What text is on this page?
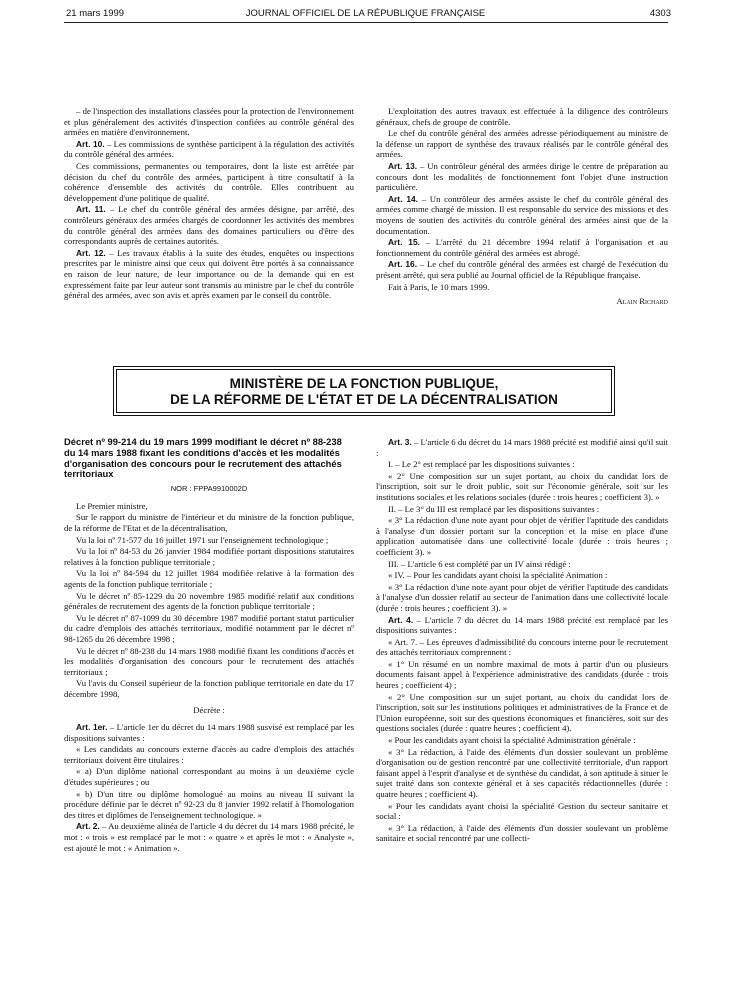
21 mars 1999	JOURNAL OFFICIEL DE LA RÉPUBLIQUE FRANÇAISE	4303

– de l'inspection des installations classées pour la protection de l'environnement et plus généralement des activités d'inspection confiées au contrôle général des armées en matière d'environnement.

Art. 10. – Les commissions de synthèse participent à la régulation des activités du contrôle général des armées.

Ces commissions, permanentes ou temporaires, dont la liste est arrêtée par décision du chef du contrôle des armées, participent à titre consultatif à la cohérence d'ensemble des activités du contrôle. Elles contribuent au développement d'une politique de qualité.

Art. 11. – Le chef du contrôle général des armées désigne, par arrêté, des contrôleurs généraux des armées chargés de coordonner les activités des membres du contrôle général des armées dans des domaines particuliers ou d'être des correspondants auprès de certaines autorités.

Art. 12. – Les travaux établis à la suite des études, enquêtes ou inspections prescrites par le ministre ainsi que ceux qui doivent être portés à sa connaissance en raison de leur nature, de leur importance ou de la demande qui en est expressément faite par leur auteur sont transmis au ministre par le chef du contrôle général des armées, avec son avis et après examen par le conseil du contrôle.

L'exploitation des autres travaux est effectuée à la diligence des contrôleurs généraux, chefs de groupe de contrôle.

Le chef du contrôle général des armées adresse périodiquement au ministre de la défense un rapport de synthèse des travaux réalisés par le contrôle général des armées.

Art. 13. – Un contrôleur général des armées dirige le centre de préparation au concours dont les modalités de fonctionnement font l'objet d'une instruction particulière.

Art. 14. – Un contrôleur des armées assiste le chef du contrôle général des armées comme chargé de mission. Il est responsable du service des missions et des moyens de soutien des activités du contrôle général des armées ainsi que de la documentation.

Art. 15. – L'arrêté du 21 décembre 1994 relatif à l'organisation et au fonctionnement du contrôle général des armées est abrogé.

Art. 16. – Le chef du contrôle général des armées est chargé de l'exécution du présent arrêté, qui sera publié au Journal officiel de la République française.

Fait à Paris, le 10 mars 1999.

Alain Richard

MINISTÈRE DE LA FONCTION PUBLIQUE,
DE LA RÉFORME DE L'ÉTAT ET DE LA DÉCENTRALISATION

Décret nº 99-214 du 19 mars 1999 modifiant le décret nº 88-238 du 14 mars 1988 fixant les conditions d'accès et les modalités d'organisation des concours pour le recrutement des attachés territoriaux

NOR : FPPA9910002D

Le Premier ministre,

Sur le rapport du ministre de l'intérieur et du ministre de la fonction publique, de la réforme de l'Etat et de la décentralisation,

Vu la loi nº 71-577 du 16 juillet 1971 sur l'enseignement technologique ;

Vu la loi nº 84-53 du 26 janvier 1984 modifiée portant dispositions statutaires relatives à la fonction publique territoriale ;

Vu la loi nº 84-594 du 12 juillet 1984 modifiée relative à la formation des agents de la fonction publique territoriale ;

Vu le décret nº 85-1229 du 20 novembre 1985 modifié relatif aux conditions générales de recrutement des agents de la fonction publique territoriale ;

Vu le décret nº 87-1099 du 30 décembre 1987 modifié portant statut particulier du cadre d'emplois des attachés territoriaux, modifié notamment par le décret nº 98-1265 du 26 décembre 1998 ;

Vu le décret nº 88-238 du 14 mars 1988 modifié fixant les conditions d'accès et les modalités d'organisation des concours pour le recrutement des attachés territoriaux ;

Vu l'avis du Conseil supérieur de la fonction publique territoriale en date du 17 décembre 1998,

Décrète :

Art. 1er. – L'article 1er du décret du 14 mars 1988 susvisé est remplacé par les dispositions suivantes :

« Les candidats au concours externe d'accès au cadre d'emplois des attachés territoriaux doivent être titulaires :

« a) D'un diplôme national correspondant au moins à un deuxième cycle d'études supérieures ; ou

« b) D'un titre ou diplôme homologué au moins au niveau II suivant la procédure définie par le décret nº 92-23 du 8 janvier 1992 relatif à l'homologation des titres et diplômes de l'enseignement technologique. »

Art. 2. – Au deuxième alinéa de l'article 4 du décret du 14 mars 1988 précité, le mot : « trois » est remplacé par le mot : « quatre » et après le mot : « Analyste », est ajouté le mot : « Animation ».

Art. 3. – L'article 6 du décret du 14 mars 1988 précité est modifié ainsi qu'il suit :

I. – Le 2° est remplacé par les dispositions suivantes :

« 2° Une composition sur un sujet portant, au choix du candidat lors de l'inscription, soit sur le droit public, soit sur l'économie générale, soit sur les institutions sociales et les relations sociales (durée : trois heures ; coefficient 3). »

II. – Le 3° du III est remplacé par les dispositions suivantes :

« 3° La rédaction d'une note ayant pour objet de vérifier l'aptitude des candidats à l'analyse d'un dossier portant sur la conception et la mise en place d'une application automatisée dans une collectivité locale (durée : trois heures ; coefficient 3). »

III. – L'article 6 est complété par un IV ainsi rédigé :

« IV. – Pour les candidats ayant choisi la spécialité Animation :

« 3° La rédaction d'une note ayant pour objet de vérifier l'aptitude des candidats à l'analyse d'un dossier relatif au secteur de l'animation dans une collectivité locale (durée : trois heures ; coefficient 3). »

Art. 4. – L'article 7 du décret du 14 mars 1988 précité est remplacé par les dispositions suivantes :

« Art. 7. – Les épreuves d'admissibilité du concours interne pour le recrutement des attachés territoriaux comprennent :

« 1° Un résumé en un nombre maximal de mots à partir d'un ou plusieurs documents faisant appel à l'expérience administrative des candidats (durée : trois heures ; coefficient 4) ;

« 2° Une composition sur un sujet portant, au choix du candidat lors de l'inscription, soit sur les institutions politiques et administratives de la France et de l'Union européenne, soit sur des questions économiques et financières, soit sur des questions sociales (durée : quatre heures ; coefficient 4).

« Pour les candidats ayant choisi la spécialité Administration générale :

« 3° La rédaction, à l'aide des éléments d'un dossier soulevant un problème d'organisation ou de gestion rencontré par une collectivité territoriale, d'un rapport faisant appel à l'esprit d'analyse et de synthèse du candidat, à son aptitude à situer le sujet traité dans son contexte général et à ses capacités rédactionnelles (durée : quatre heures ; coefficient 4).

« Pour les candidats ayant choisi la spécialité Gestion du secteur sanitaire et social :

« 3° La rédaction, à l'aide des éléments d'un dossier soulevant un problème sanitaire et social rencontré par une collecti-
